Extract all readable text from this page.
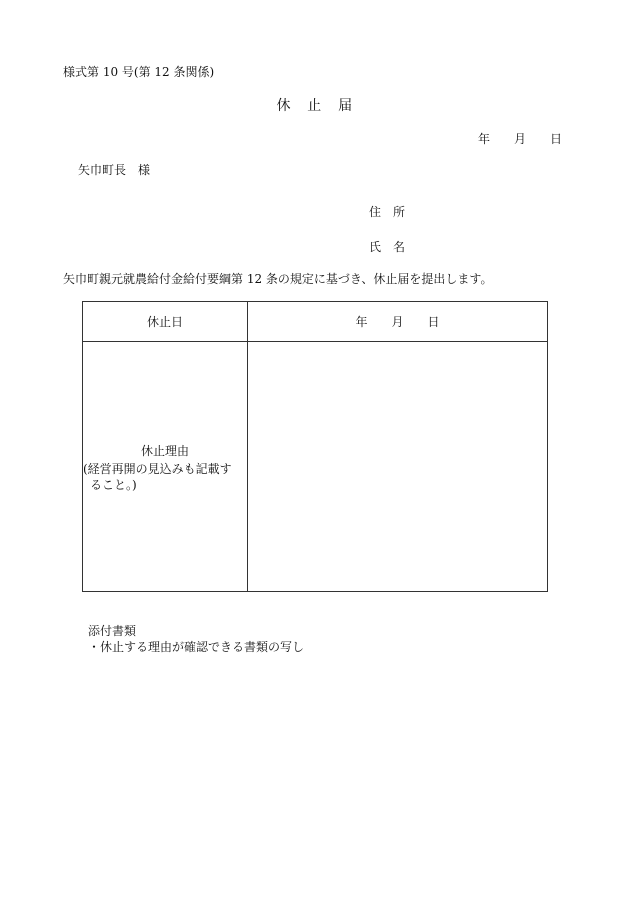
様式第 10 号(第 12 条関係)
休　止　届
年　　月　　日
矢巾町長　様
住　所
氏　名
矢巾町親元就農給付金給付要綱第 12 条の規定に基づき、休止届を提出します。
休止日	年　　月　　日
休止理由
(経営再開の見込みも記載す
ること。)
添付書類
・休止する理由が確認できる書類の写し
